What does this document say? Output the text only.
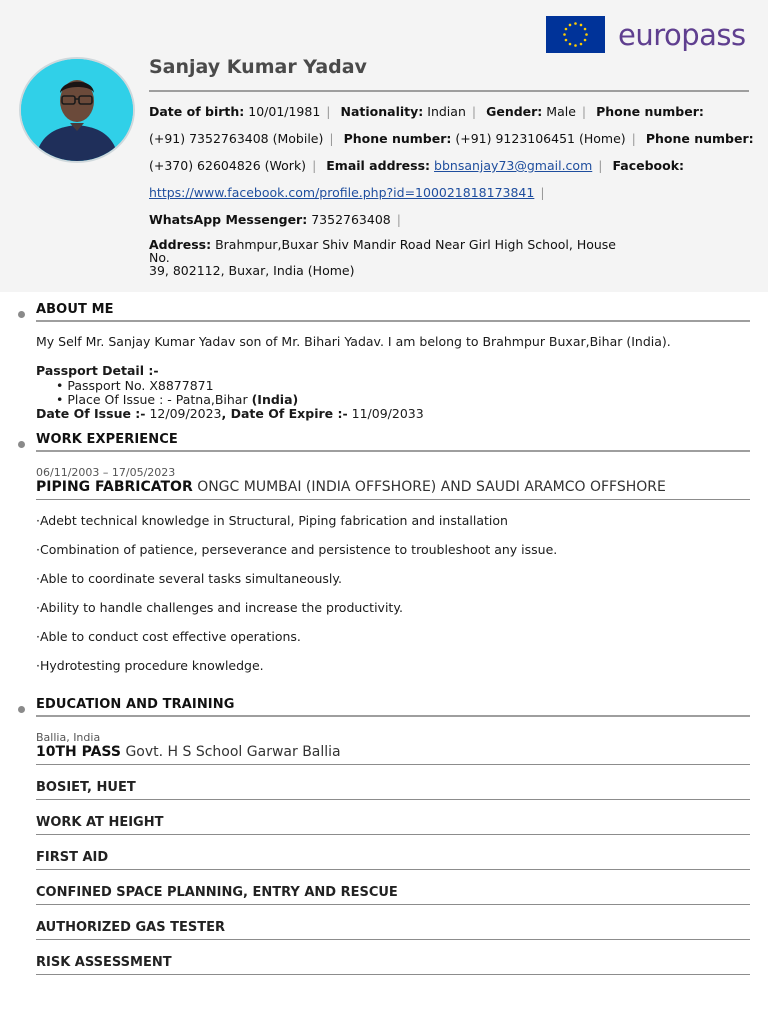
europass
Sanjay Kumar Yadav
Date of birth: 10/01/1981 | Nationality: Indian | Gender: Male | Phone number:
(+91) 7352763408 (Mobile) | Phone number: (+91) 9123106451 (Home) | Phone number:
(+370) 62604826 (Work) | Email address: bbnsanjay73@gmail.com | Facebook:
https://www.facebook.com/profile.php?id=100021818173841 |
WhatsApp Messenger: 7352763408 |
Address: Brahmpur,Buxar Shiv Mandir Road Near Girl High School, House No.
39, 802112, Buxar, India (Home)
ABOUT ME
My Self Mr. Sanjay Kumar Yadav son of Mr. Bihari Yadav. I am belong to Brahmpur Buxar,Bihar (India).
Passport Detail :-
• Passport No. X8877871
• Place Of Issue : - Patna,Bihar (India)
Date Of Issue :- 12/09/2023, Date Of Expire :- 11/09/2033
WORK EXPERIENCE
06/11/2003 – 17/05/2023
PIPING FABRICATOR ONGC MUMBAI (INDIA OFFSHORE) AND SAUDI ARAMCO OFFSHORE
·Adebt technical knowledge in Structural, Piping fabrication and installation
·Combination of patience, perseverance and persistence to troubleshoot any issue.
·Able to coordinate several tasks simultaneously.
·Ability to handle challenges and increase the productivity.
·Able to conduct cost effective operations.
·Hydrotesting procedure knowledge.
EDUCATION AND TRAINING
Ballia, India
10TH PASS Govt. H S School Garwar Ballia
BOSIET, HUET
WORK AT HEIGHT
FIRST AID
CONFINED SPACE PLANNING, ENTRY AND RESCUE
AUTHORIZED GAS TESTER
RISK ASSESSMENT
